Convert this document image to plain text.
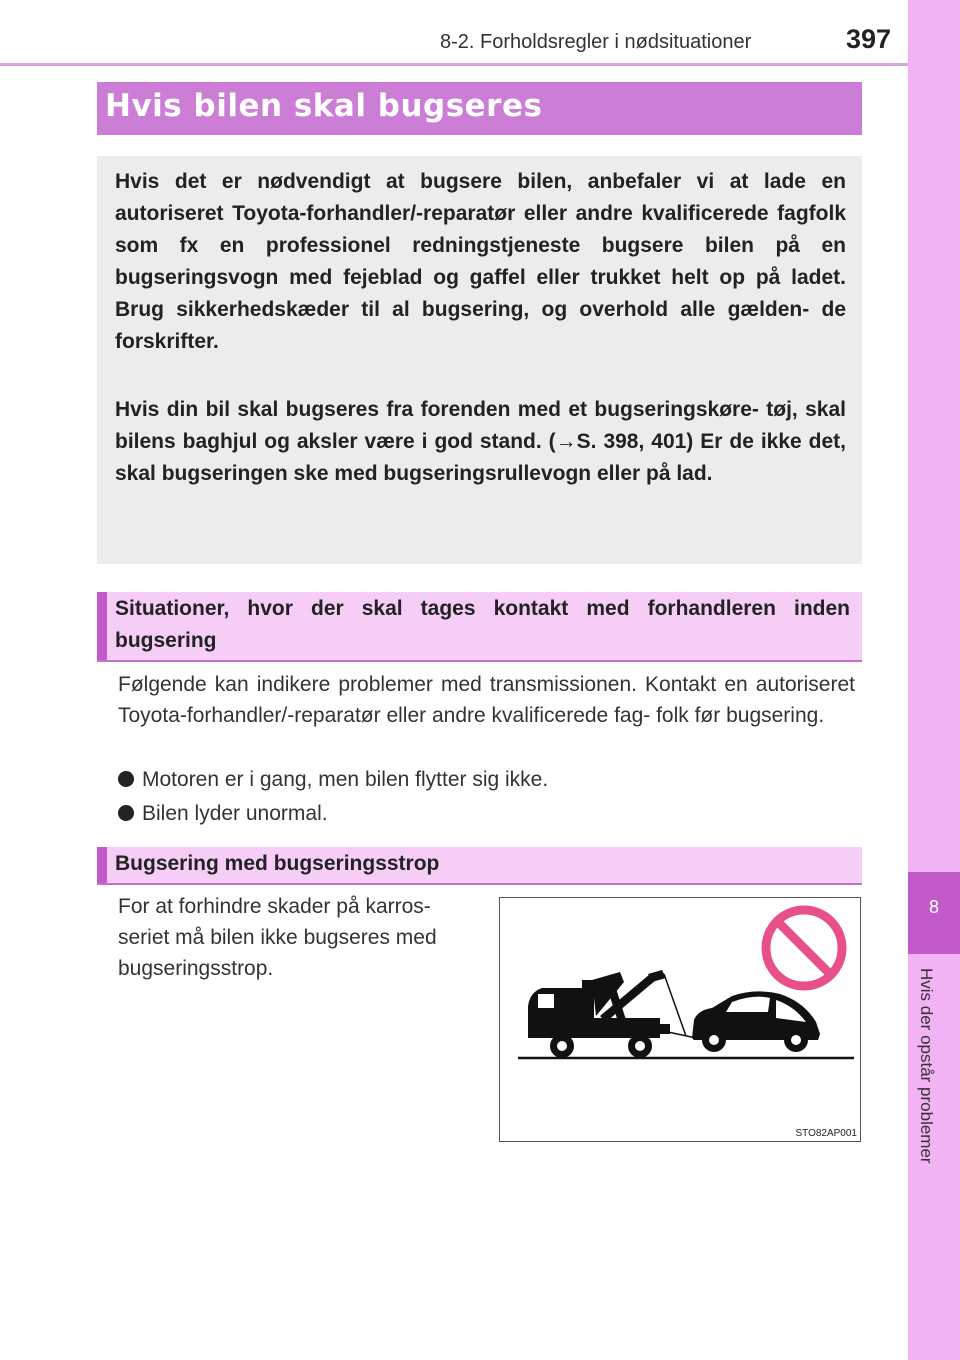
8-2. Forholdsregler i nødsituationer	397
8
Hvis der opstår problemer
Hvis bilen skal bugseres

Hvis det er nødvendigt at bugsere bilen, anbefaler vi at lade en autoriseret Toyota-forhandler/-reparatør eller andre kvalificerede fagfolk som fx en professionel redningstjeneste bugsere bilen på en bugseringsvogn med fejeblad og gaffel eller trukket helt op på ladet. Brug sikkerhedskæder til al bugsering, og overhold alle gælden- de forskrifter.

Hvis din bil skal bugseres fra forenden med et bugseringskøre- tøj, skal bilens baghjul og aksler være i god stand. (→S. 398, 401) Er de ikke det, skal bugseringen ske med bugseringsrullevogn eller på lad.

Situationer, hvor der skal tages kontakt med forhandleren inden bugsering

Følgende kan indikere problemer med transmissionen. Kontakt en autoriseret Toyota-forhandler/-reparatør eller andre kvalificerede fag- folk før bugsering.

Motoren er i gang, men bilen flytter sig ikke.
Bilen lyder unormal.
Bugsering med bugseringsstrop

For at forhindre skader på karros- seriet må bilen ikke bugseres med bugseringsstrop.

STO82AP001
